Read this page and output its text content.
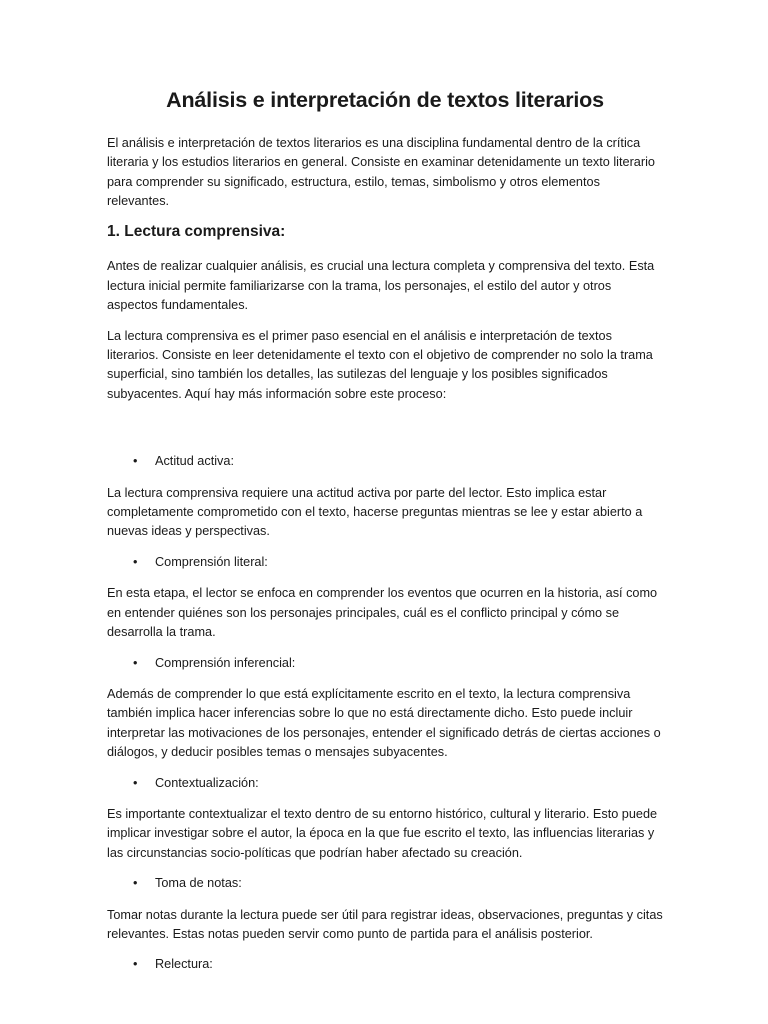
Análisis e interpretación de textos literarios

El análisis e interpretación de textos literarios es una disciplina fundamental dentro de la crítica literaria y los estudios literarios en general. Consiste en examinar detenidamente un texto literario para comprender su significado, estructura, estilo, temas, simbolismo y otros elementos relevantes.

1. Lectura comprensiva:

Antes de realizar cualquier análisis, es crucial una lectura completa y comprensiva del texto. Esta lectura inicial permite familiarizarse con la trama, los personajes, el estilo del autor y otros aspectos fundamentales.

La lectura comprensiva es el primer paso esencial en el análisis e interpretación de textos literarios. Consiste en leer detenidamente el texto con el objetivo de comprender no solo la trama superficial, sino también los detalles, las sutilezas del lenguaje y los posibles significados subyacentes. Aquí hay más información sobre este proceso:

• Actitud activa:

La lectura comprensiva requiere una actitud activa por parte del lector. Esto implica estar completamente comprometido con el texto, hacerse preguntas mientras se lee y estar abierto a nuevas ideas y perspectivas.

• Comprensión literal:

En esta etapa, el lector se enfoca en comprender los eventos que ocurren en la historia, así como en entender quiénes son los personajes principales, cuál es el conflicto principal y cómo se desarrolla la trama.

• Comprensión inferencial:

Además de comprender lo que está explícitamente escrito en el texto, la lectura comprensiva también implica hacer inferencias sobre lo que no está directamente dicho. Esto puede incluir interpretar las motivaciones de los personajes, entender el significado detrás de ciertas acciones o diálogos, y deducir posibles temas o mensajes subyacentes.

• Contextualización:

Es importante contextualizar el texto dentro de su entorno histórico, cultural y literario. Esto puede implicar investigar sobre el autor, la época en la que fue escrito el texto, las influencias literarias y las circunstancias socio-políticas que podrían haber afectado su creación.

• Toma de notas:

Tomar notas durante la lectura puede ser útil para registrar ideas, observaciones, preguntas y citas relevantes. Estas notas pueden servir como punto de partida para el análisis posterior.

• Relectura:
